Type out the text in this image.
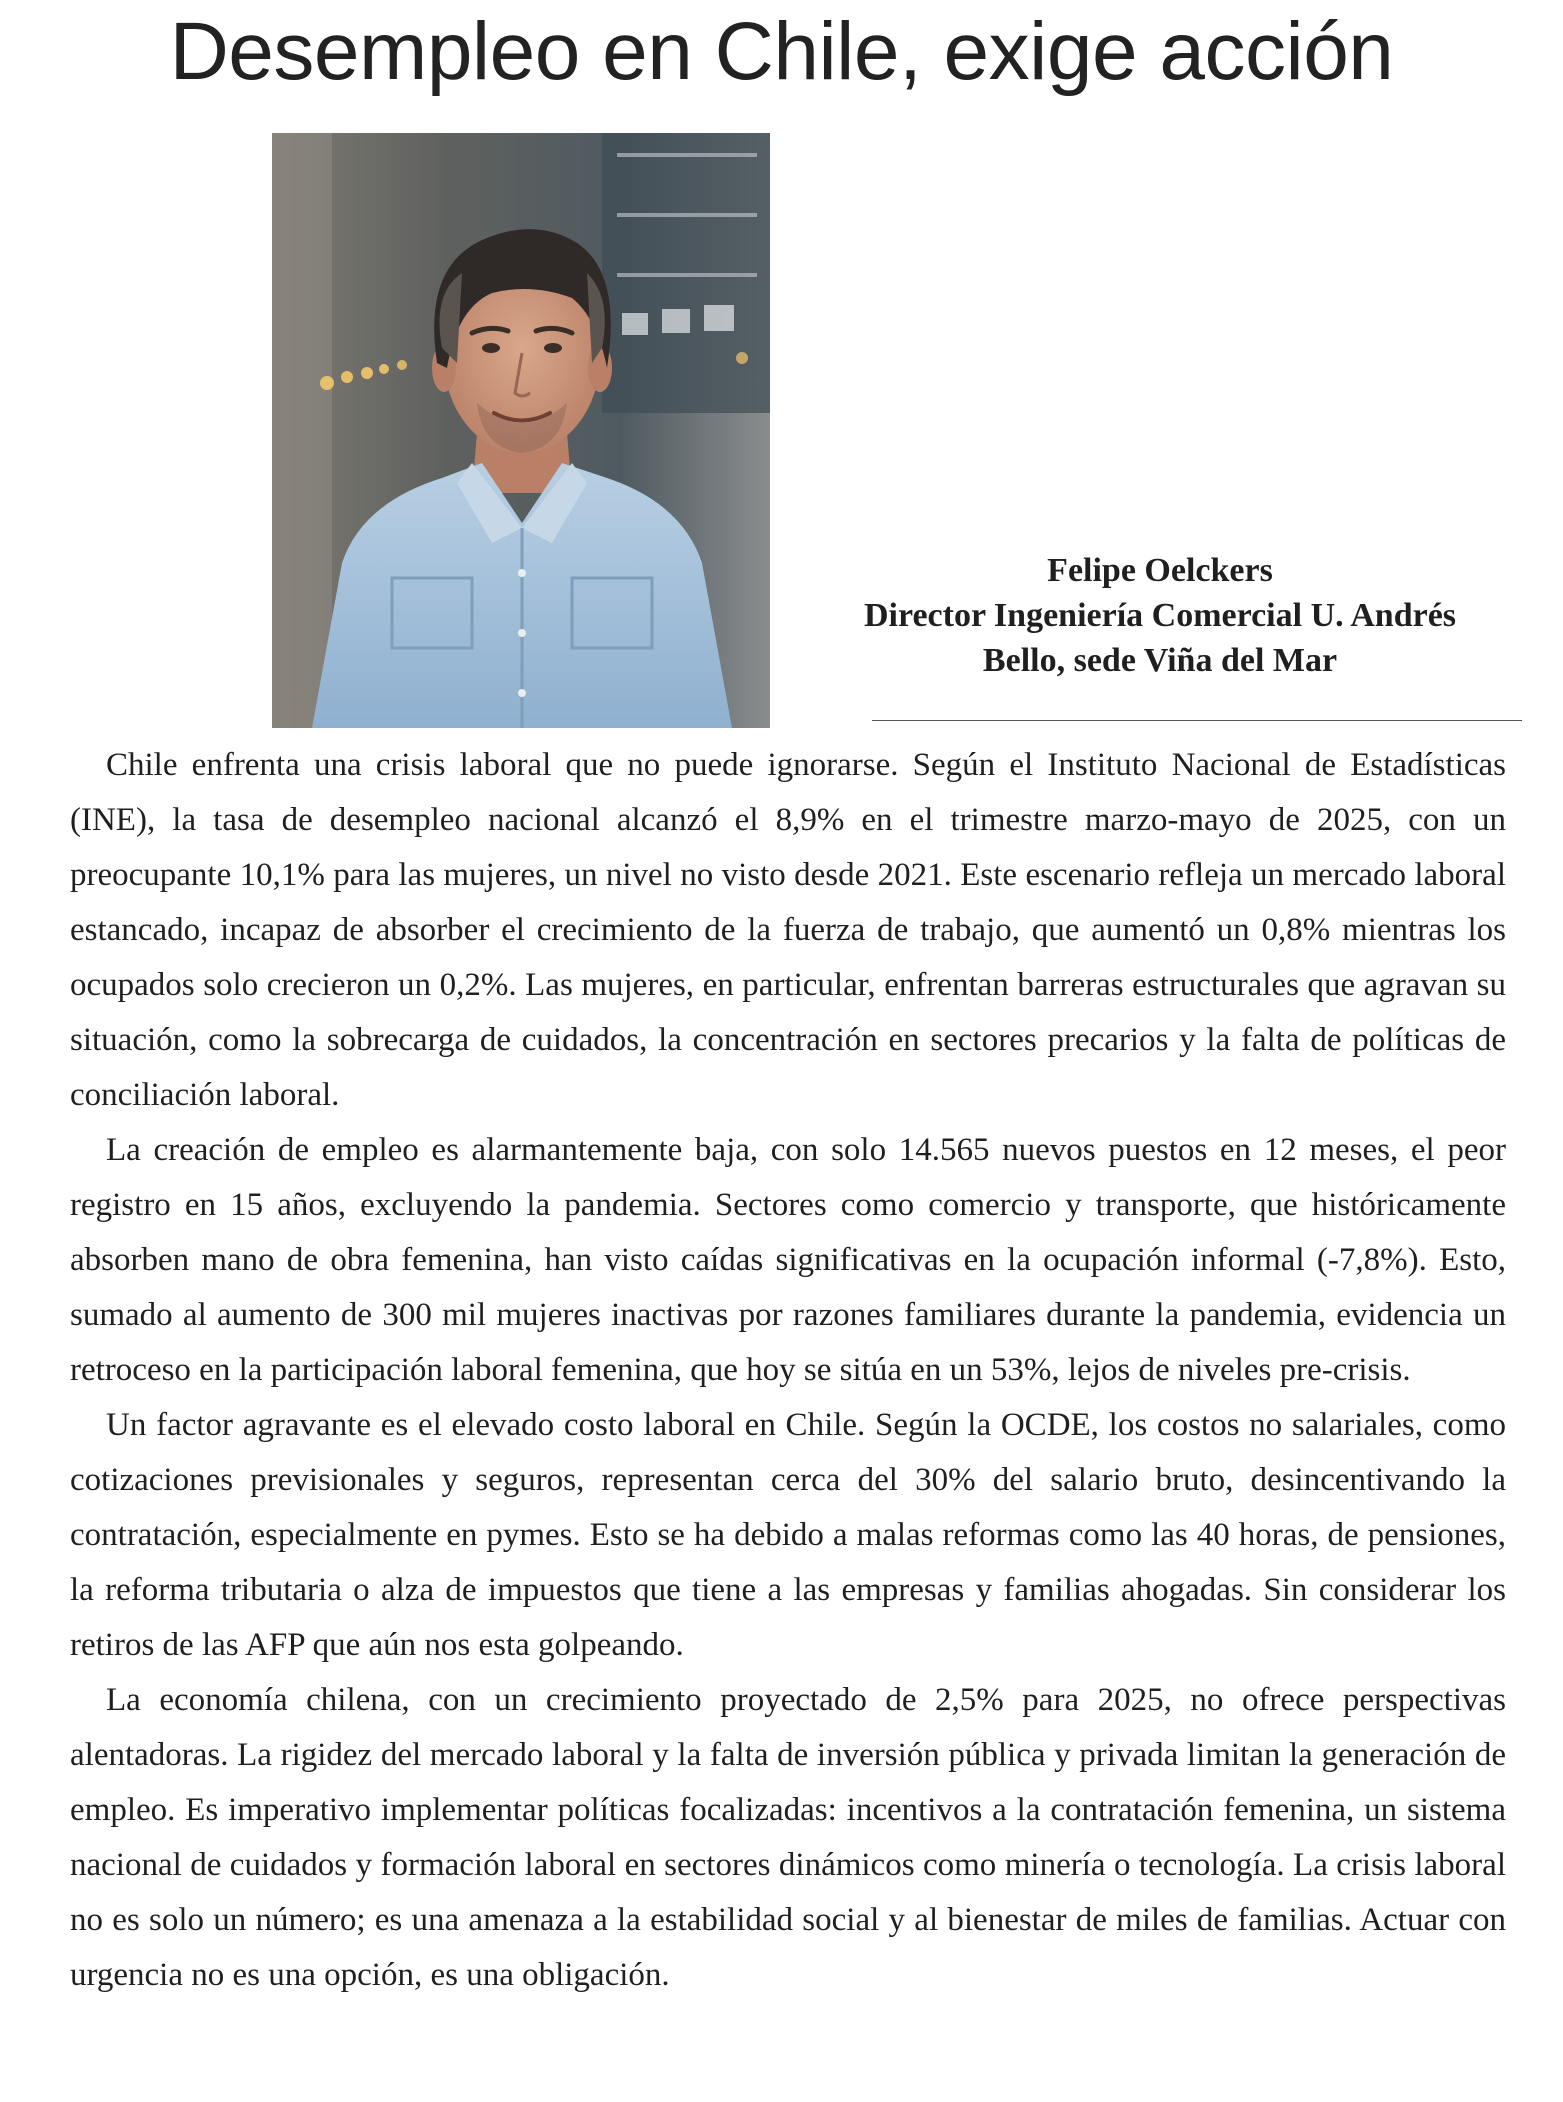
Desempleo en Chile, exige acción
Felipe Oelckers
Director Ingeniería Comercial U. Andrés
Bello, sede Viña del Mar

Chile enfrenta una crisis laboral que no puede ignorarse. Según el Instituto Nacional de Estadísticas (INE), la tasa de desempleo nacional alcanzó el 8,9% en el trimestre marzo-mayo de 2025, con un preocupante 10,1% para las mujeres, un nivel no visto desde 2021. Este escenario refleja un mercado laboral estancado, incapaz de absorber el crecimiento de la fuerza de trabajo, que aumentó un 0,8% mientras los ocupados solo crecieron un 0,2%. Las mujeres, en particular, enfrentan barreras estructurales que agravan su situación, como la sobrecarga de cuidados, la concentración en sectores precarios y la falta de políticas de conciliación laboral.

La creación de empleo es alarmantemente baja, con solo 14.565 nuevos puestos en 12 meses, el peor registro en 15 años, excluyendo la pandemia. Sectores como comercio y transporte, que históricamente absorben mano de obra femenina, han visto caídas significativas en la ocupación informal (-7,8%). Esto, sumado al aumento de 300 mil mujeres inactivas por razones familiares durante la pandemia, evidencia un retroceso en la participación laboral femenina, que hoy se sitúa en un 53%, lejos de niveles pre-crisis.

Un factor agravante es el elevado costo laboral en Chile. Según la OCDE, los costos no salariales, como cotizaciones previsionales y seguros, representan cerca del 30% del salario bruto, desincentivando la contratación, especialmente en pymes. Esto se ha debido a malas reformas como las 40 horas, de pensiones, la reforma tributaria o alza de impuestos que tiene a las empresas y familias ahogadas. Sin considerar los retiros de las AFP que aún nos esta golpeando.

La economía chilena, con un crecimiento proyectado de 2,5% para 2025, no ofrece perspectivas alentadoras. La rigidez del mercado laboral y la falta de inversión pública y privada limitan la generación de empleo. Es imperativo implementar políticas focalizadas: incentivos a la contratación femenina, un sistema nacional de cuidados y formación laboral en sectores dinámicos como minería o tecnología. La crisis laboral no es solo un número; es una amenaza a la estabilidad social y al bienestar de miles de familias. Actuar con urgencia no es una opción, es una obligación.
